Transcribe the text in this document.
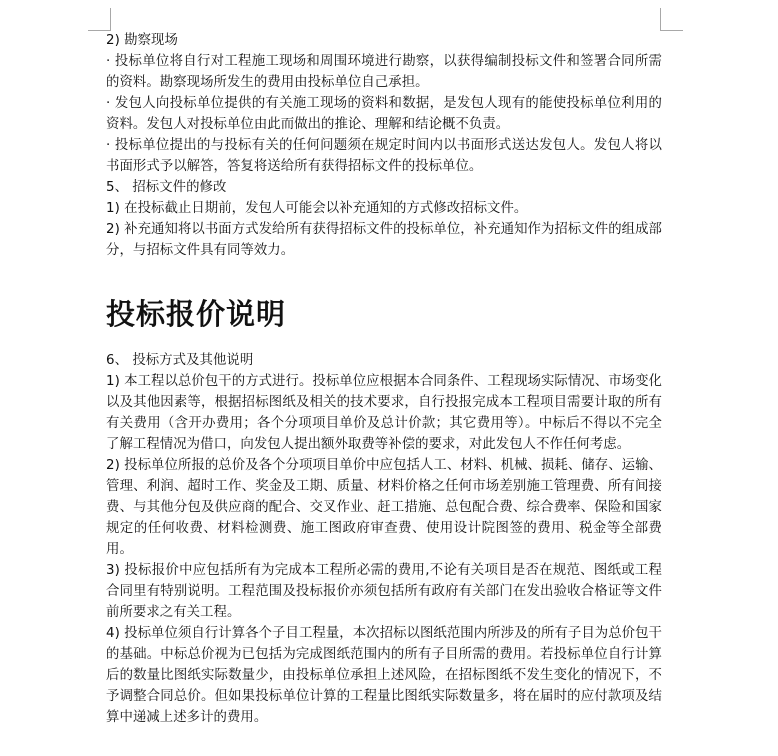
2) 勘察现场

· 投标单位将自行对工程施工现场和周围环境进行勘察，以获得编制投标文件和签署合同所需的资料。勘察现场所发生的费用由投标单位自己承担。

· 发包人向投标单位提供的有关施工现场的资料和数据，是发包人现有的能使投标单位利用的资料。发包人对投标单位由此而做出的推论、理解和结论概不负责。

· 投标单位提出的与投标有关的任何问题须在规定时间内以书面形式送达发包人。发包人将以书面形式予以解答，答复将送给所有获得招标文件的投标单位。

5、 招标文件的修改

1) 在投标截止日期前，发包人可能会以补充通知的方式修改招标文件。

2) 补充通知将以书面方式发给所有获得招标文件的投标单位，补充通知作为招标文件的组成部分，与招标文件具有同等效力。

投标报价说明

6、 投标方式及其他说明

1) 本工程以总价包干的方式进行。投标单位应根据本合同条件、工程现场实际情况、市场变化以及其他因素等，根据招标图纸及相关的技术要求，自行投报完成本工程项目需要计取的所有有关费用（含开办费用；各个分项项目单价及总计价款；其它费用等）。中标后不得以不完全了解工程情况为借口，向发包人提出额外取费等补偿的要求，对此发包人不作任何考虑。

2) 投标单位所报的总价及各个分项项目单价中应包括人工、材料、机械、损耗、储存、运输、管理、利润、超时工作、奖金及工期、质量、材料价格之任何市场差别施工管理费、所有间接费、与其他分包及供应商的配合、交叉作业、赶工措施、总包配合费、综合费率、保险和国家规定的任何收费、材料检测费、施工图政府审查费、使用设计院图签的费用、税金等全部费用。

3) 投标报价中应包括所有为完成本工程所必需的费用,不论有关项目是否在规范、图纸或工程合同里有特别说明。工程范围及投标报价亦须包括所有政府有关部门在发出验收合格证等文件前所要求之有关工程。

4) 投标单位须自行计算各个子目工程量，本次招标以图纸范围内所涉及的所有子目为总价包干的基础。中标总价视为已包括为完成图纸范围内的所有子目所需的费用。若投标单位自行计算后的数量比图纸实际数量少，由投标单位承担上述风险，在招标图纸不发生变化的情况下，不予调整合同总价。但如果投标单位计算的工程量比图纸实际数量多，将在届时的应付款项及结算中递减上述多计的费用。
